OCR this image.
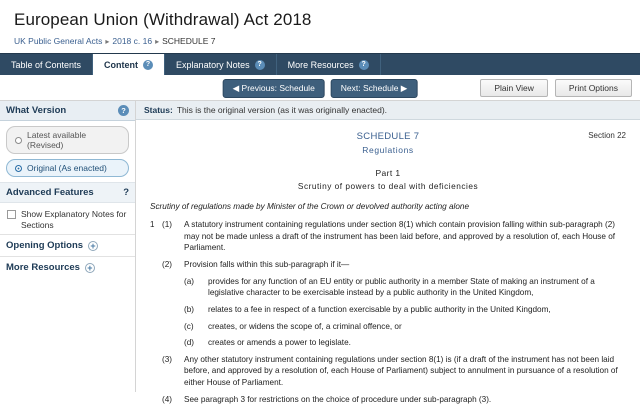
European Union (Withdrawal) Act 2018
UK Public General Acts ▸ 2018 c. 16 ▸ SCHEDULE 7
Table of Contents	Content	?	Explanatory Notes	?	More Resources	?
◀ Previous: Schedule	Next: Schedule ▶	Plain View	Print Options
What Version	?
Latest available (Revised)
Original (As enacted)
Advanced Features	?
Show Explanatory Notes for Sections
Opening Options +
More Resources +
Status: This is the original version (as it was originally enacted).
Section 22
SCHEDULE 7
Regulations
Part 1
Scrutiny of powers to deal with deficiencies
Scrutiny of regulations made by Minister of the Crown or devolved authority acting alone
1 (1)	A statutory instrument containing regulations under section 8(1) which contain provision falling within sub-paragraph (2) may not be made unless a draft of the instrument has been laid before, and approved by a resolution of, each House of Parliament.
(2)	Provision falls within this sub-paragraph if it—
(a)	provides for any function of an EU entity or public authority in a member State of making an instrument of a legislative character to be exercisable instead by a public authority in the United Kingdom,
(b)	relates to a fee in respect of a function exercisable by a public authority in the United Kingdom,
(c)	creates, or widens the scope of, a criminal offence, or
(d)	creates or amends a power to legislate.
(3)	Any other statutory instrument containing regulations under section 8(1) is (if a draft of the instrument has not been laid before, and approved by a resolution of, each House of Parliament) subject to annulment in pursuance of a resolution of either House of Parliament.
(4)	See paragraph 3 for restrictions on the choice of procedure under sub-paragraph (3).
